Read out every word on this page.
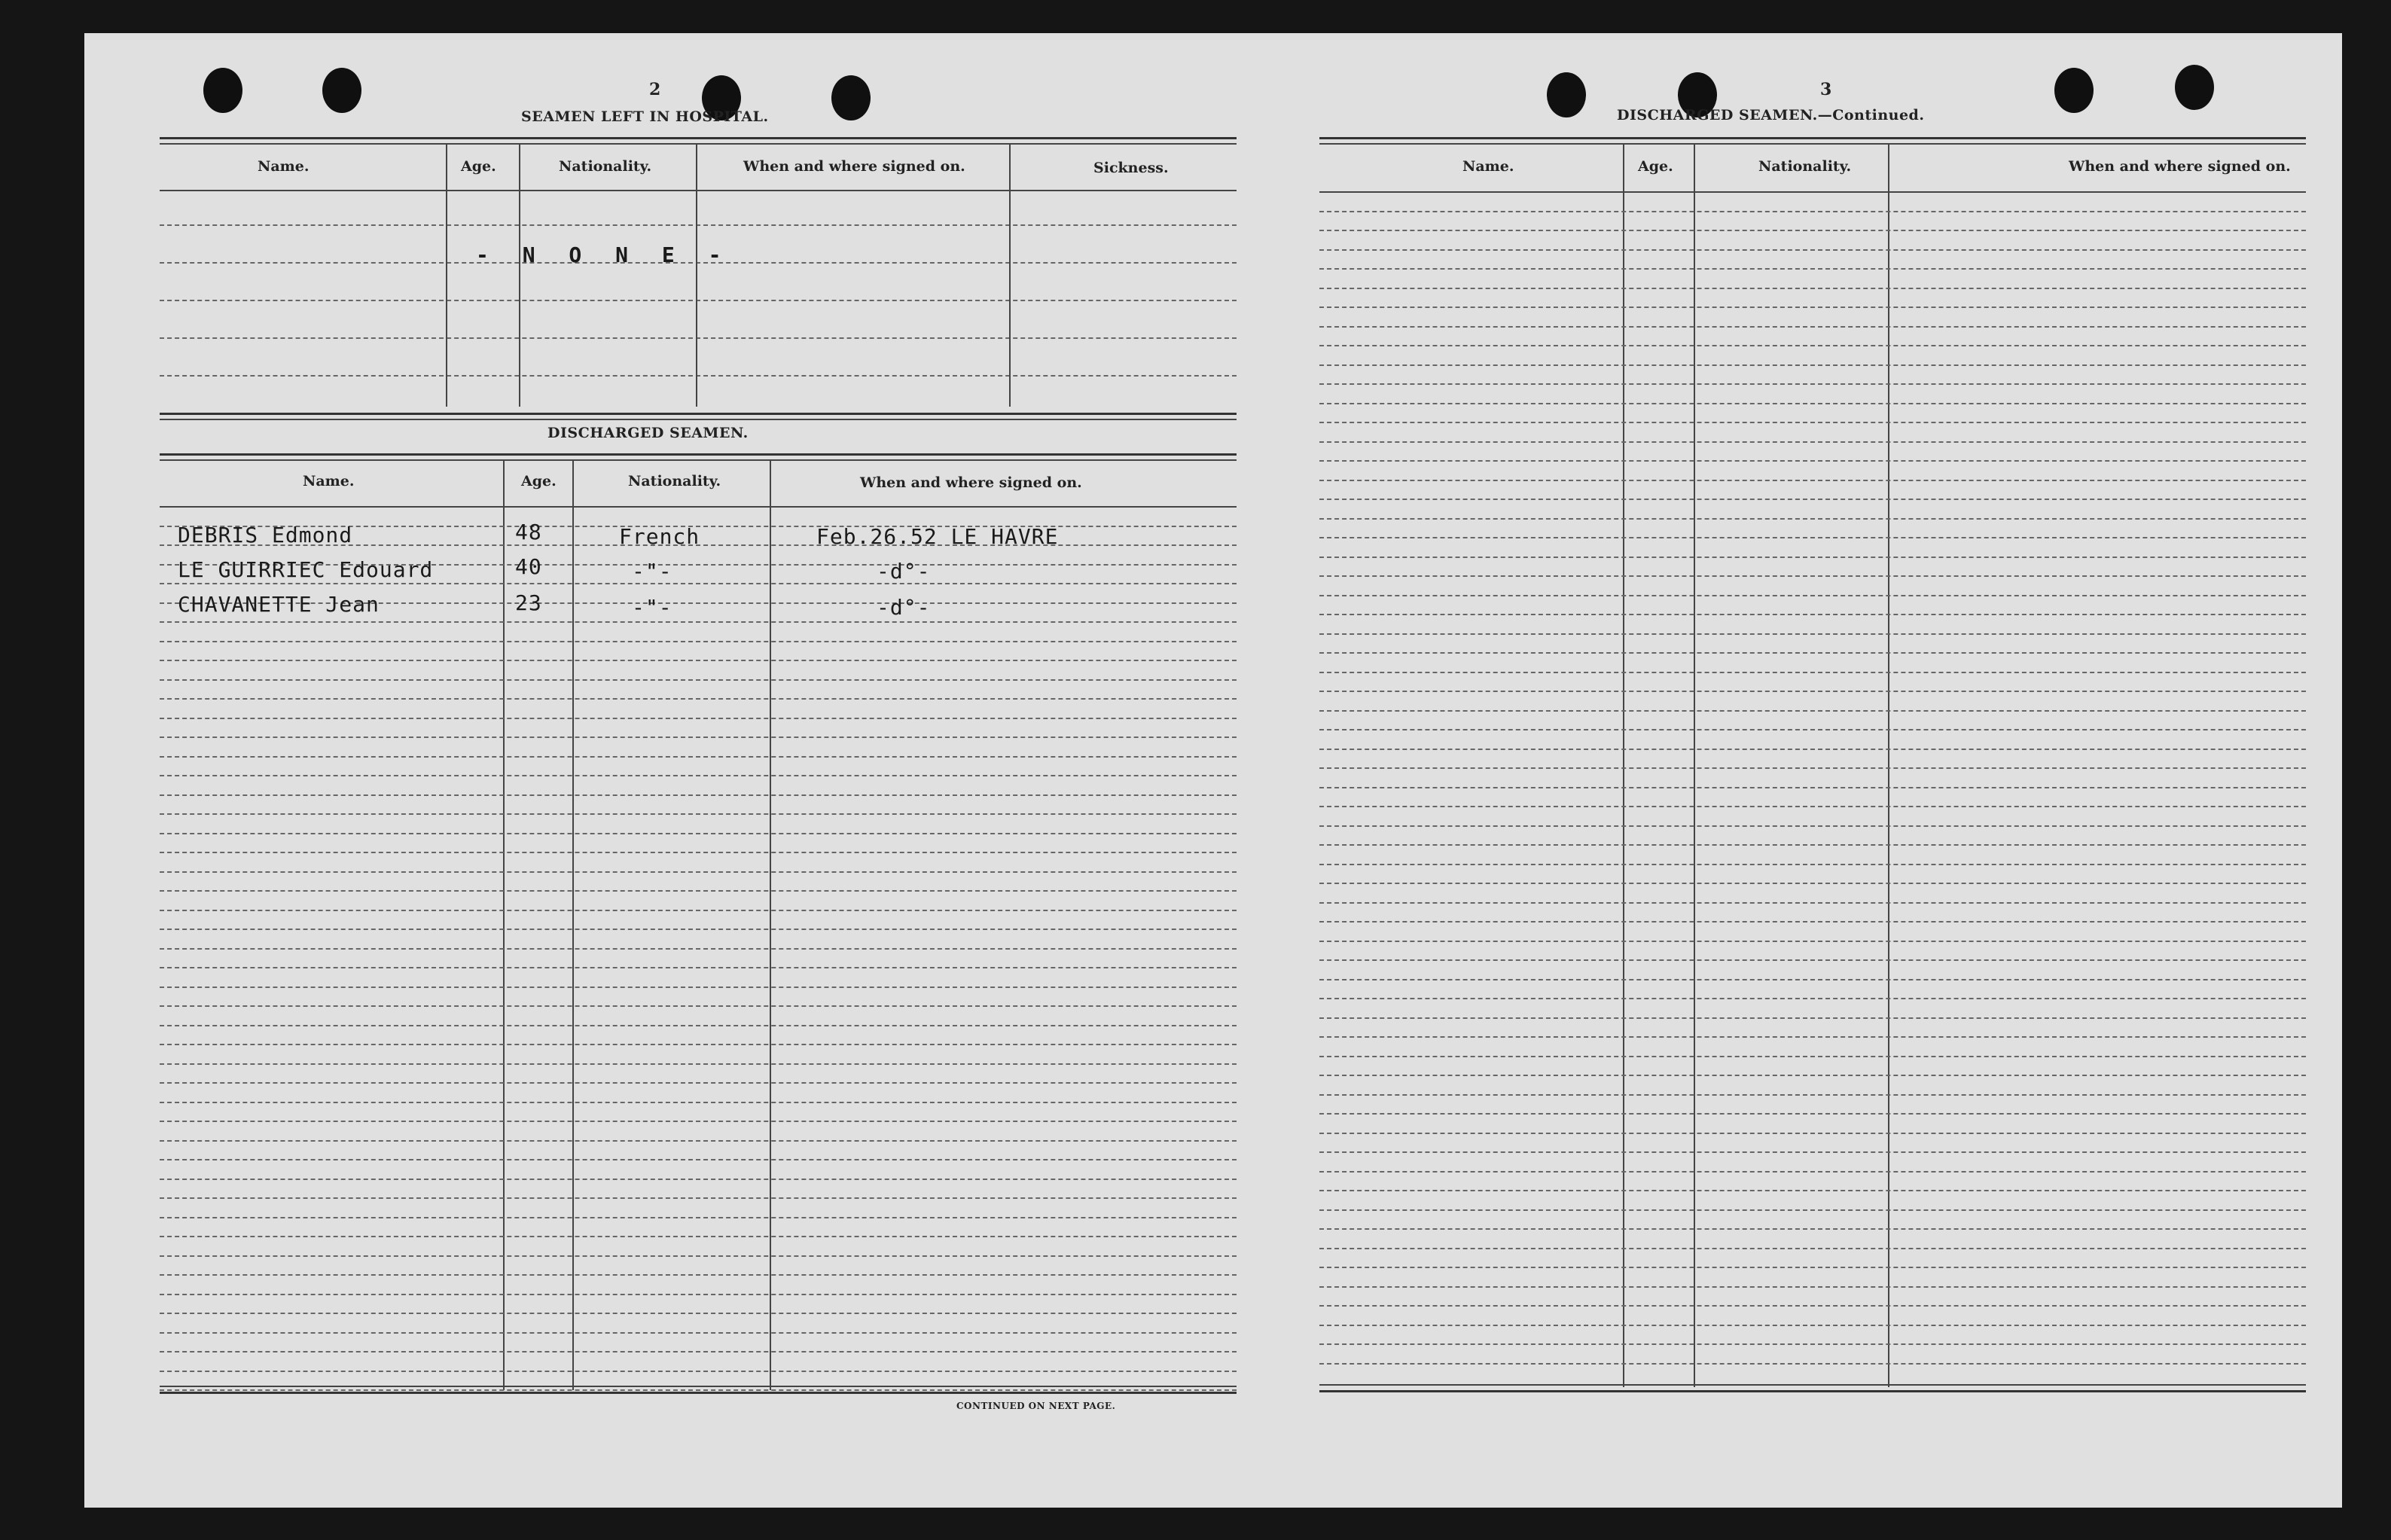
2
SEAMEN LEFT IN HOSPITAL.
Name.	Age.	Nationality.	When and where signed on.	Sickness.
- N O N E -
DISCHARGED SEAMEN.
Name.	Age.	Nationality.	When and where signed on.
DEBRIS Edmond	48	French	Feb.26.52 LE HAVRE
LE GUIRRIEC Edouard	40	-"-	-d°-
CHAVANETTE Jean	23	-"-	-d°-
CONTINUED ON NEXT PAGE.
3
DISCHARGED SEAMEN.—Continued.
Name.	Age.	Nationality.	When and where signed on.
